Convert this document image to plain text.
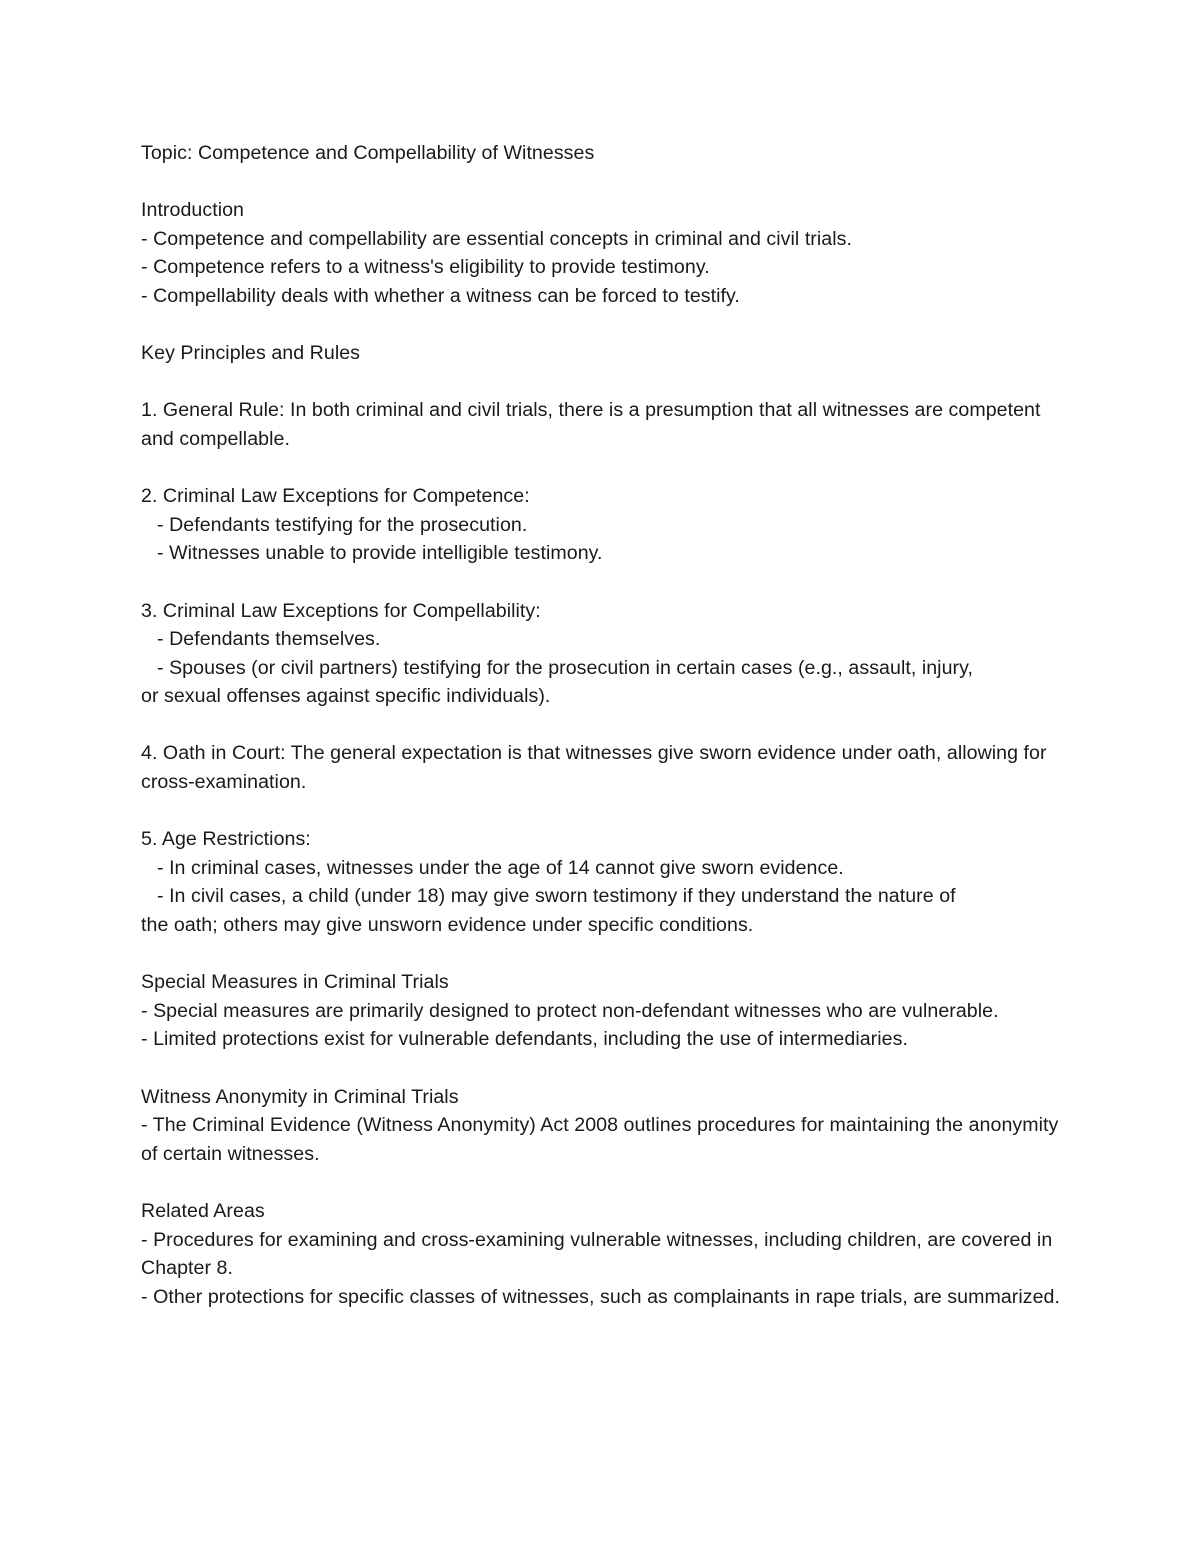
Topic: Competence and Compellability of Witnesses
Introduction
- Competence and compellability are essential concepts in criminal and civil trials.
- Competence refers to a witness's eligibility to provide testimony.
- Compellability deals with whether a witness can be forced to testify.
Key Principles and Rules
1. General Rule: In both criminal and civil trials, there is a presumption that all witnesses are competent and compellable.
2. Criminal Law Exceptions for Competence:
- Defendants testifying for the prosecution.
- Witnesses unable to provide intelligible testimony.
3. Criminal Law Exceptions for Compellability:
- Defendants themselves.
- Spouses (or civil partners) testifying for the prosecution in certain cases (e.g., assault, injury,
or sexual offenses against specific individuals).
4. Oath in Court: The general expectation is that witnesses give sworn evidence under oath, allowing for cross-examination.
5. Age Restrictions:
- In criminal cases, witnesses under the age of 14 cannot give sworn evidence.
- In civil cases, a child (under 18) may give sworn testimony if they understand the nature of
the oath; others may give unsworn evidence under specific conditions.
Special Measures in Criminal Trials
- Special measures are primarily designed to protect non-defendant witnesses who are vulnerable.
- Limited protections exist for vulnerable defendants, including the use of intermediaries.
Witness Anonymity in Criminal Trials
- The Criminal Evidence (Witness Anonymity) Act 2008 outlines procedures for maintaining the anonymity of certain witnesses.
Related Areas
- Procedures for examining and cross-examining vulnerable witnesses, including children, are covered in Chapter 8.
- Other protections for specific classes of witnesses, such as complainants in rape trials, are summarized.
